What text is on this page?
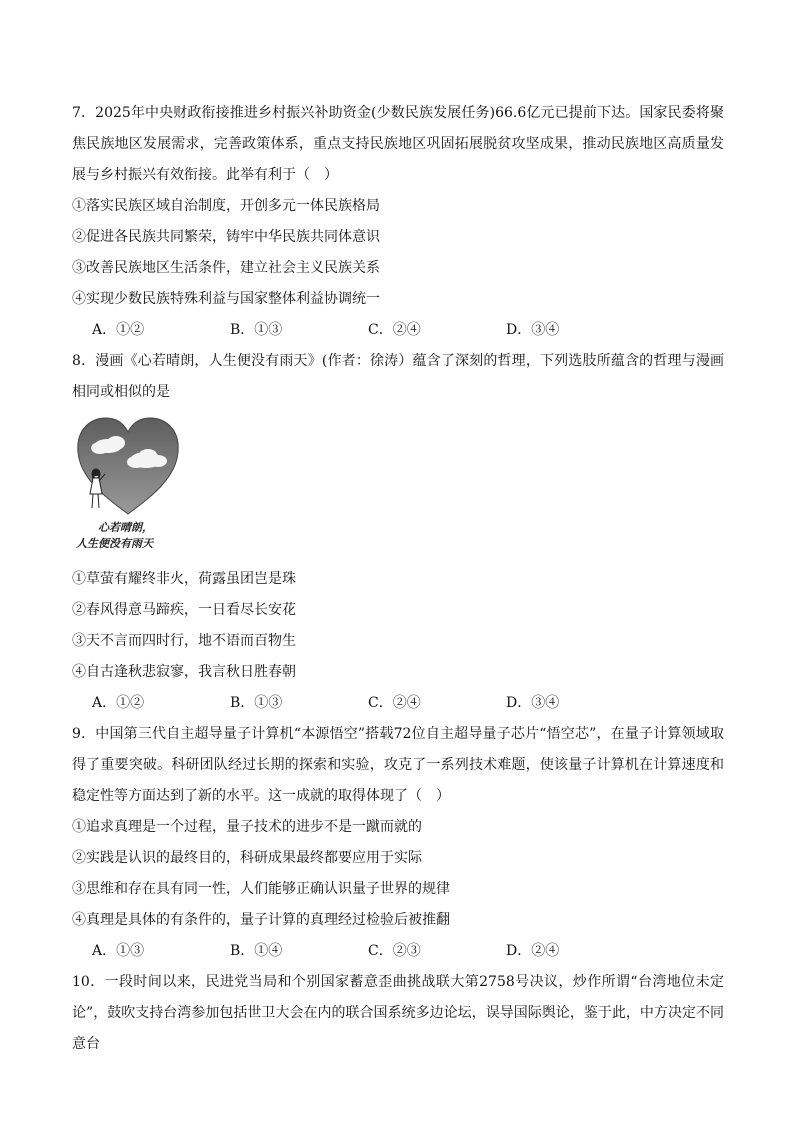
7．2025年中央财政衔接推进乡村振兴补助资金(少数民族发展任务)66.6亿元已提前下达。国家民委将聚焦民族地区发展需求，完善政策体系，重点支持民族地区巩固拓展脱贫攻坚成果，推动民族地区高质量发展与乡村振兴有效衔接。此举有利于（　）

①落实民族区域自治制度，开创多元一体民族格局

②促进各民族共同繁荣，铸牢中华民族共同体意识

③改善民族地区生活条件，建立社会主义民族关系

④实现少数民族特殊利益与国家整体利益协调统一

A．①②	B．①③	C．②④	D．③④

8．漫画《心若晴朗，人生便没有雨天》(作者：徐涛）蕴含了深刻的哲理，下列选肢所蕴含的哲理与漫画相同或相似的是

心若晴朗，
人生便没有雨天

①草萤有耀终非火，荷露虽团岂是珠

②春风得意马蹄疾，一日看尽长安花

③天不言而四时行，地不语而百物生

④自古逢秋悲寂寥，我言秋日胜春朝

A．①②	B．①③	C．②④	D．③④

9．中国第三代自主超导量子计算机“本源悟空”搭载72位自主超导量子芯片“悟空芯”，在量子计算领域取得了重要突破。科研团队经过长期的探索和实验，攻克了一系列技术难题，使该量子计算机在计算速度和稳定性等方面达到了新的水平。这一成就的取得体现了（　）

①追求真理是一个过程，量子技术的进步不是一蹴而就的

②实践是认识的最终目的，科研成果最终都要应用于实际

③思维和存在具有同一性，人们能够正确认识量子世界的规律

④真理是具体的有条件的，量子计算的真理经过检验后被推翻

A．①③	B．①④	C．②③	D．②④

10．一段时间以来，民进党当局和个别国家蓄意歪曲挑战联大第2758号决议，炒作所谓“台湾地位未定论”，鼓吹支持台湾参加包括世卫大会在内的联合国系统多边论坛，误导国际舆论，鉴于此，中方决定不同意台
